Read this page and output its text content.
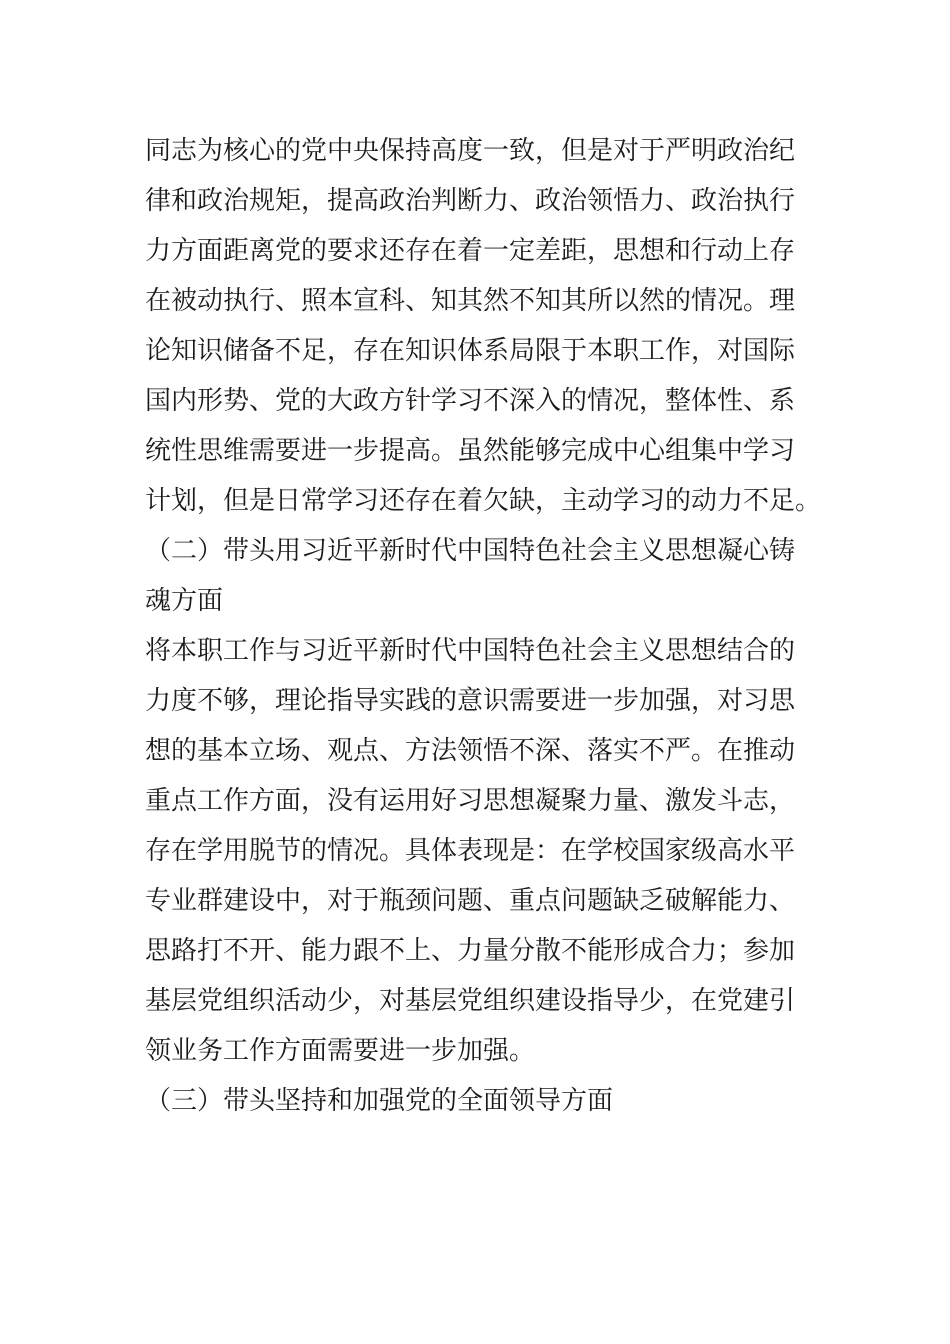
同志为核心的党中央保持高度一致，但是对于严明政治纪
律和政治规矩，提高政治判断力、政治领悟力、政治执行
力方面距离党的要求还存在着一定差距，思想和行动上存
在被动执行、照本宣科、知其然不知其所以然的情况。理
论知识储备不足，存在知识体系局限于本职工作，对国际
国内形势、党的大政方针学习不深入的情况，整体性、系
统性思维需要进一步提高。虽然能够完成中心组集中学习
计划，但是日常学习还存在着欠缺，主动学习的动力不足。
（二）带头用习近平新时代中国特色社会主义思想凝心铸
魂方面
将本职工作与习近平新时代中国特色社会主义思想结合的
力度不够，理论指导实践的意识需要进一步加强，对习思
想的基本立场、观点、方法领悟不深、落实不严。在推动
重点工作方面，没有运用好习思想凝聚力量、激发斗志，
存在学用脱节的情况。具体表现是：在学校国家级高水平
专业群建设中，对于瓶颈问题、重点问题缺乏破解能力、
思路打不开、能力跟不上、力量分散不能形成合力；参加
基层党组织活动少，对基层党组织建设指导少，在党建引
领业务工作方面需要进一步加强。
（三）带头坚持和加强党的全面领导方面
